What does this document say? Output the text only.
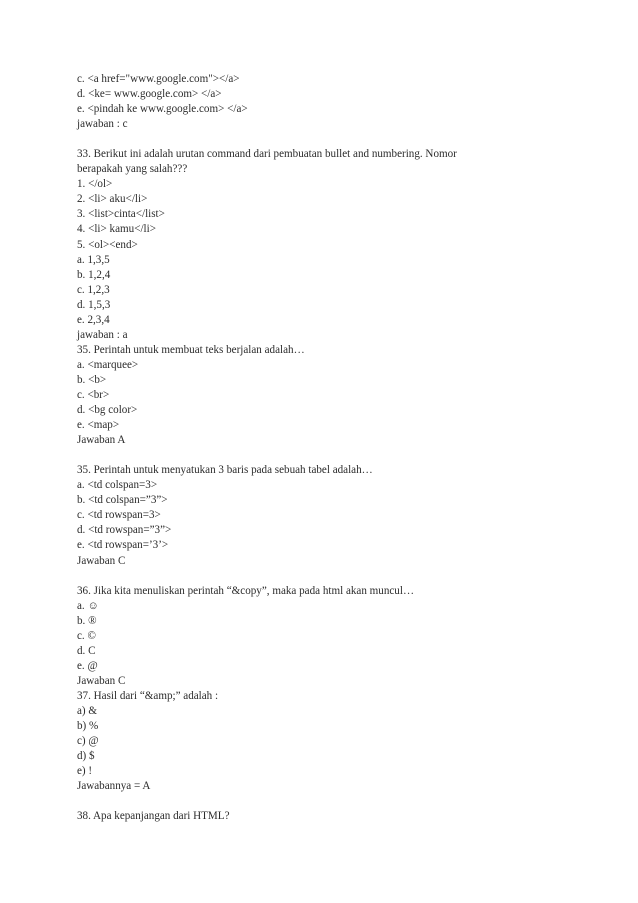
c. <a href="www.google.com"></a>
d. <ke= www.google.com> </a>
e. <pindah ke www.google.com> </a>
jawaban : c
33. Berikut ini adalah urutan command dari pembuatan bullet and numbering. Nomor
berapakah yang salah???
1. </ol>
2. <li> aku</li>
3. <list>cinta</list>
4. <li> kamu</li>
5. <ol><end>
a. 1,3,5
b. 1,2,4
c. 1,2,3
d. 1,5,3
e. 2,3,4
jawaban : a
35. Perintah untuk membuat teks berjalan adalah…
a. <marquee>
b. <b>
c. <br>
d. <bg color>
e. <map>
Jawaban A
35. Perintah untuk menyatukan 3 baris pada sebuah tabel adalah…
a. <td colspan=3>
b. <td colspan=”3”>
c. <td rowspan=3>
d. <td rowspan=”3”>
e. <td rowspan=’3’>
Jawaban C
36. Jika kita menuliskan perintah “&copy”, maka pada html akan muncul…
a. ☺
b. ®
c. ©
d. C
e. @
Jawaban C
37. Hasil dari “&amp;” adalah :
a) &
b) %
c) @
d) $
e) !
Jawabannya = A
38. Apa kepanjangan dari HTML?
